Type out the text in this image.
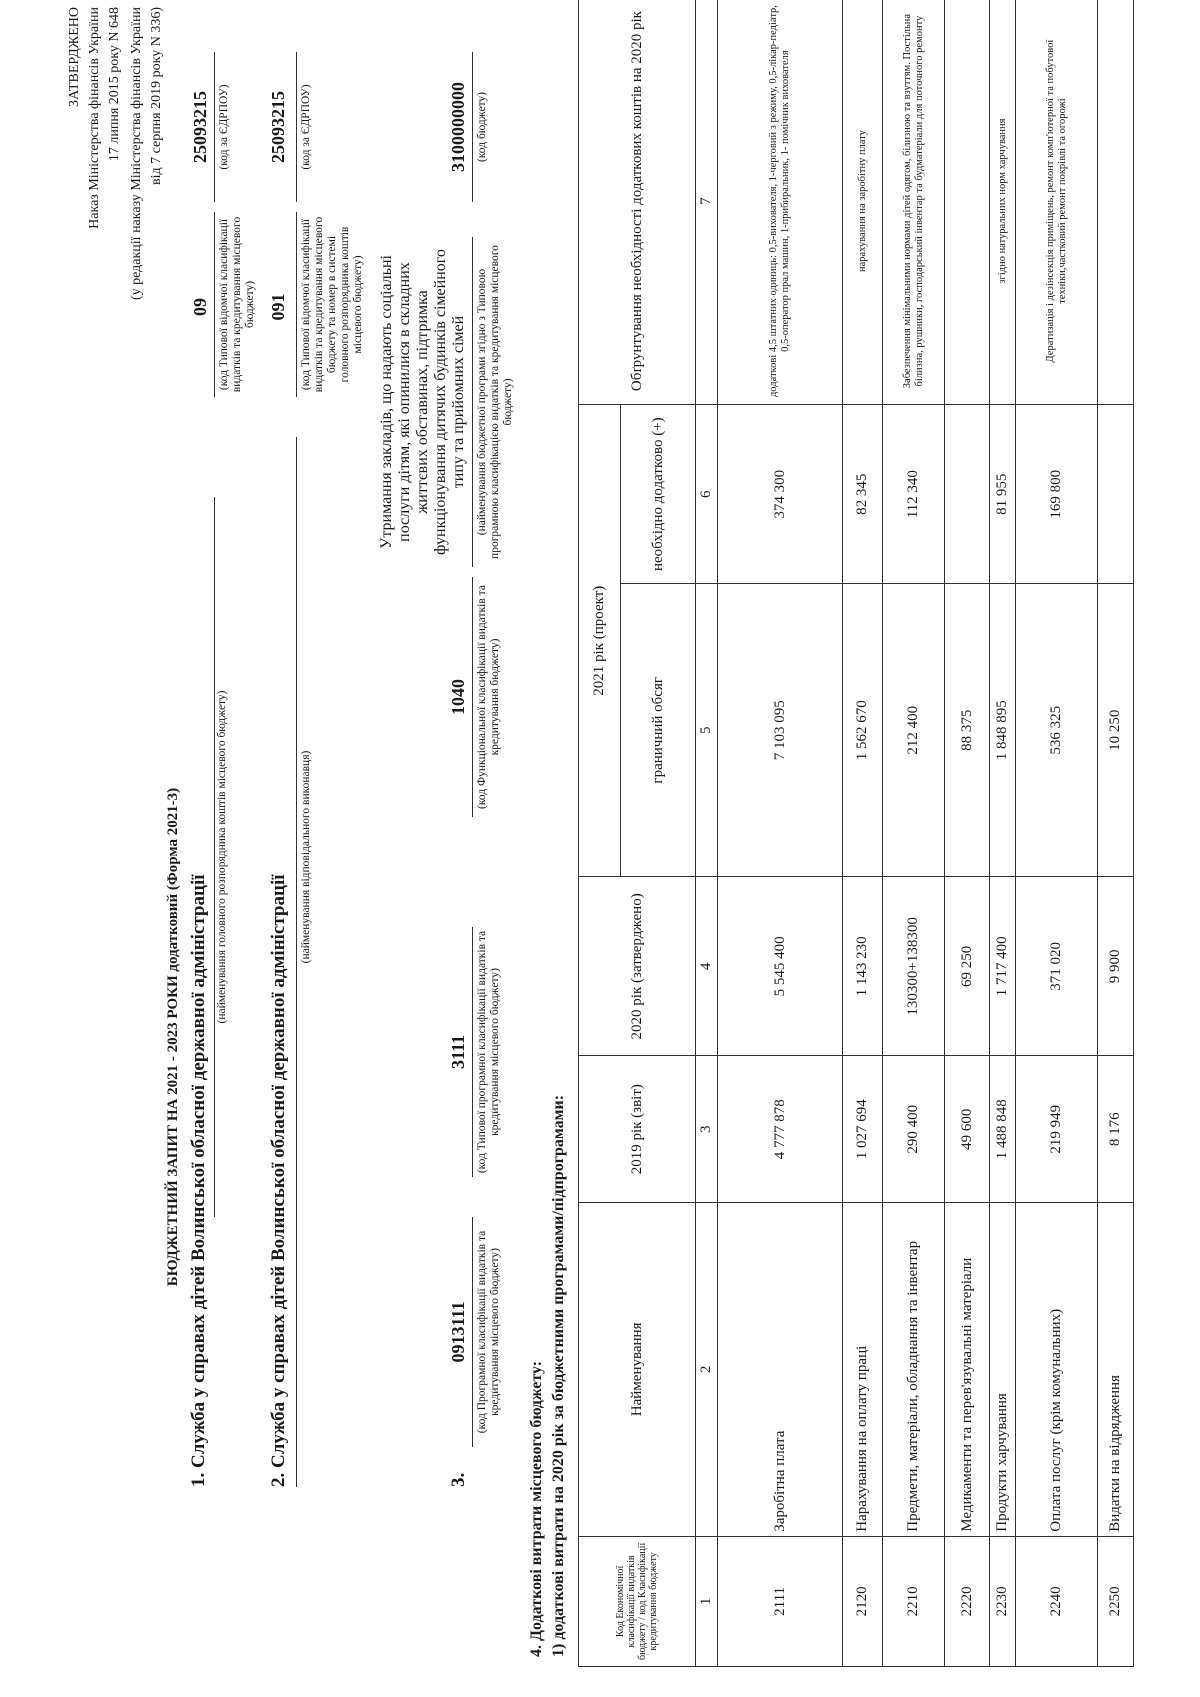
ЗАТВЕРДЖЕНО Наказ Міністерства фінансів України 17 липня 2015 року N 648 (у редакції наказу Міністерства фінансів України від 7 серпня 2019 року N 336)
БЮДЖЕТНИЙ ЗАПИТ НА 2021 - 2023 РОКИ додатковий (Форма 2021-3) 1. Служба у справах дітей Волинської обласної державної адміністрації
(найменування головного розпорядника коштів місцевого бюджету)
09 (код Типової відомчої класифікації видатків та кредитування місцевого бюджету)
25093215 (код за ЄДРПОУ)
2. Служба у справах дітей Волинської обласної державної адміністрації
(найменування відповідального виконавця)
091 (код Типової відомчої класифікації видатків та кредитування місцевого бюджету та номер в системі головного розпорядника коштів місцевого бюджету)
25093215 (код за ЄДРПОУ)
3.
0913111 (код Програмної класифікації видатків та кредитування місцевого бюджету)
3111 (код Типової програмної класифікації видатків та кредитування місцевого бюджету)
1040 (код Функціональної класифікації видатків та кредитування бюджету)
Утримання закладів, що надають соціальні послуги дітям, які опинилися в складних життєвих обставинах, підтримка функціонування дитячих будинків сімейного типу та прийомних сімей (найменування бюджетної програми згідно з Типовою програмною класифікацією видатків та кредитування місцевого бюджету)
3100000000 (код бюджету)
4. Додаткові витрати місцевого бюджету: 1) додаткові витрати на 2020 рік за бюджетними програмами/підпрограмами:	Код Економічної класифікації видатків бюджету / код Класифікації кредитування бюджету	Найменування	2019 рік (звіт)	2020 рік (затверджено)	2021 рік (проект)		Обґрунтування необхідності додаткових коштів на 2020 рік
				граничний обсяг	необхідно додатково (+)	
1	2	3	4	5	6	7
2111	Заробітна плата	4 777 878	5 545 400	7 103 095	374 300	додаткові 4,5 штатних одиниць: 0,5-вихователя, 1-черговий з режиму, 0,5-лікар-педіатр, 0,5-оператор прал машин, 1-прибиральник, 1- помічник вихователя
2120	Нарахування на оплату праці	1 027 694	1 143 230	1 562 670	82 345	нарахування на заробітну плату
2210	Предмети, матеріали, обладнання та інвентар	290 400	130300+138300	212 400	112 340	Забезпечення мінімальними нормами дітей одягом, білизною та взуттям. Постільна білизна, рушники, господарський інвентар та будматеріали для поточного ремонту
2220	Медикаменти та перев'язувальні матеріали	49 600	69 250	88 375		
2230	Продукти харчування	1 488 848	1 717 400	1 848 895	81 955	згідно натуральних норм харчування
2240	Оплата послуг (крім комунальних)	219 949	371 020	536 325	169 800	Дератизація і дезінсекція приміщень, ремонт комп'ютерної та побутової техніки,частковий ремонт покрівлі та огорожі
2250	Видатки на відрядження	8 176	9 900	10 250		
